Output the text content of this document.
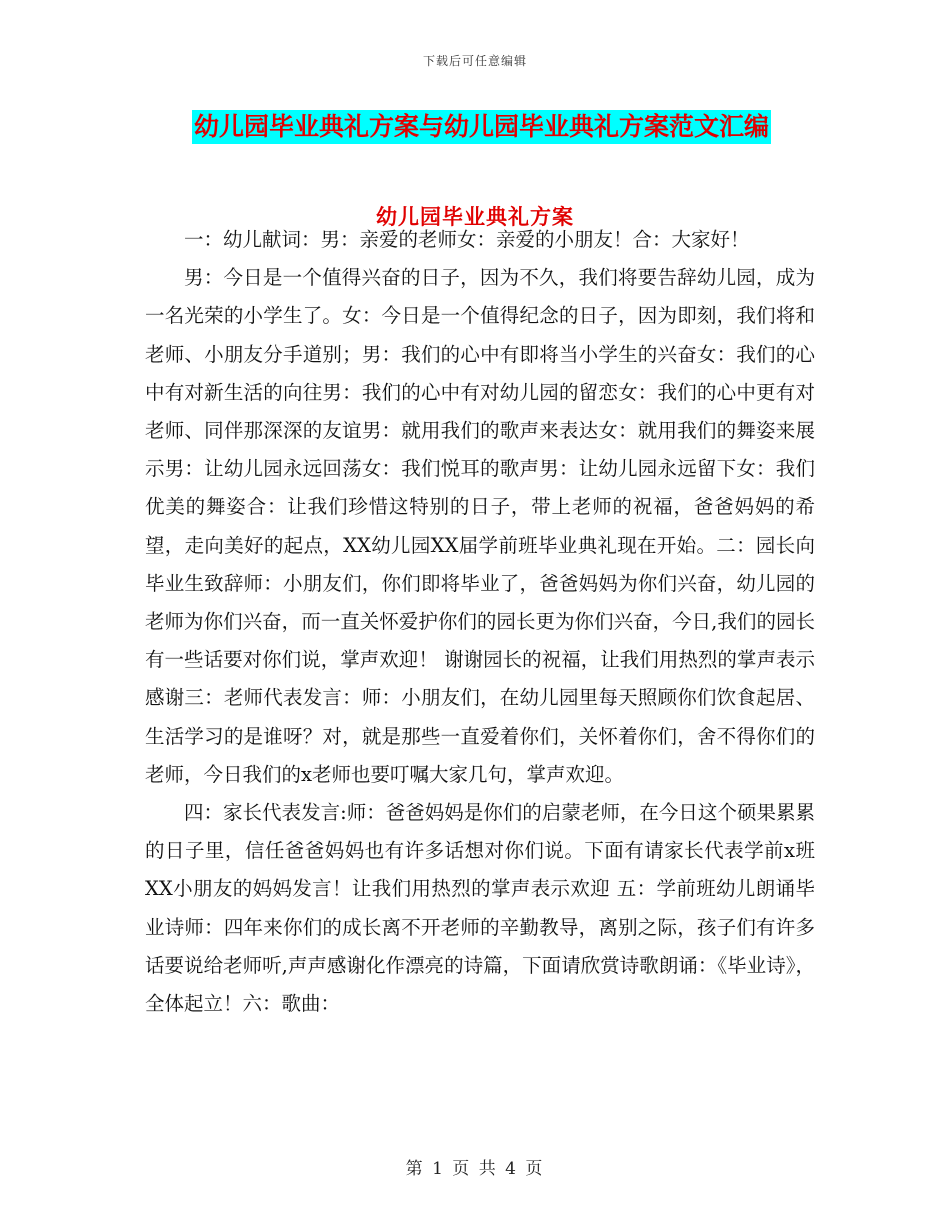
下载后可任意编辑
幼儿园毕业典礼方案与幼儿园毕业典礼方案范文汇编
幼儿园毕业典礼方案

一：幼儿献词：男：亲爱的老师女：亲爱的小朋友！合：大家好！

男：今日是一个值得兴奋的日子，因为不久，我们将要告辞幼儿园，成为一名光荣的小学生了。女：今日是一个值得纪念的日子，因为即刻，我们将和老师、小朋友分手道别；男：我们的心中有即将当小学生的兴奋女：我们的心中有对新生活的向往男：我们的心中有对幼儿园的留恋女：我们的心中更有对老师、同伴那深深的友谊男：就用我们的歌声来表达女：就用我们的舞姿来展示男：让幼儿园永远回荡女：我们悦耳的歌声男：让幼儿园永远留下女：我们优美的舞姿合：让我们珍惜这特别的日子，带上老师的祝福，爸爸妈妈的希望，走向美好的起点，XX幼儿园XX届学前班毕业典礼现在开始。二：园长向毕业生致辞师：小朋友们，你们即将毕业了，爸爸妈妈为你们兴奋，幼儿园的老师为你们兴奋，而一直关怀爱护你们的园长更为你们兴奋，今日,我们的园长有一些话要对你们说，掌声欢迎！ 谢谢园长的祝福，让我们用热烈的掌声表示感谢三：老师代表发言：师：小朋友们，在幼儿园里每天照顾你们饮食起居、生活学习的是谁呀？对，就是那些一直爱着你们，关怀着你们，舍不得你们的老师，今日我们的x老师也要叮嘱大家几句，掌声欢迎。

四：家长代表发言:师：爸爸妈妈是你们的启蒙老师，在今日这个硕果累累的日子里，信任爸爸妈妈也有许多话想对你们说。下面有请家长代表学前x班XX小朋友的妈妈发言！让我们用热烈的掌声表示欢迎 五：学前班幼儿朗诵毕业诗师：四年来你们的成长离不开老师的辛勤教导，离别之际，孩子们有许多话要说给老师听,声声感谢化作漂亮的诗篇，下面请欣赏诗歌朗诵：《毕业诗》，全体起立！六：歌曲：

第 1 页 共 4 页
